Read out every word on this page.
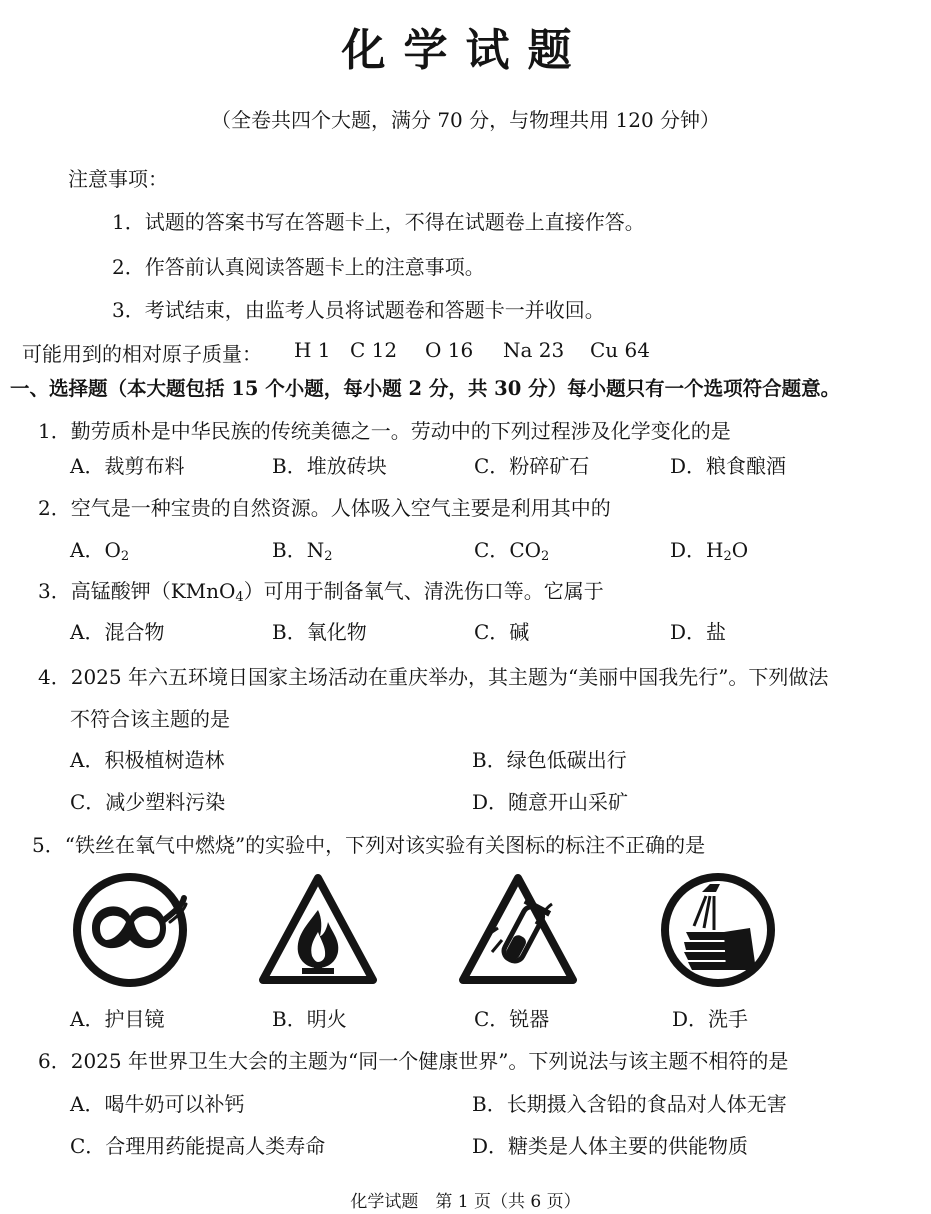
化学试题
（全卷共四个大题，满分 70 分，与物理共用 120 分钟）
注意事项：
1．试题的答案书写在答题卡上，不得在试题卷上直接作答。
2．作答前认真阅读答题卡上的注意事项。
3．考试结束，由监考人员将试题卷和答题卡一并收回。
可能用到的相对原子质量： H 1 C 12 O 16 Na 23 Cu 64
一、选择题（本大题包括 15 个小题，每小题 2 分，共 30 分）每小题只有一个选项符合题意。
1．勤劳质朴是中华民族的传统美德之一。劳动中的下列过程涉及化学变化的是
A．裁剪布料	B．堆放砖块	C．粉碎矿石	D．粮食酿酒
2．空气是一种宝贵的自然资源。人体吸入空气主要是利用其中的
A．$O_2$	B．$N_2$	C．$CO_2$	D．$H_2O$
3．高锰酸钾（KMnO$_4$）可用于制备氧气、清洗伤口等。它属于
A．混合物	B．氧化物	C．碱	D．盐
4．2025 年六五环境日国家主场活动在重庆举办，其主题为“美丽中国我先行”。下列做法
不符合该主题的是
A．积极植树造林	B．绿色低碳出行
C．减少塑料污染	D．随意开山采矿
5．“铁丝在氧气中燃烧”的实验中，下列对该实验有关图标的标注不正确的是
A．护目镜	B．明火	C．锐器	D．洗手
6．2025 年世界卫生大会的主题为“同一个健康世界”。下列说法与该主题不相符的是
A．喝牛奶可以补钙	B．长期摄入含铅的食品对人体无害
C．合理用药能提高人类寿命	D．糖类是人体主要的供能物质
化学试题　第 1 页（共 6 页）
